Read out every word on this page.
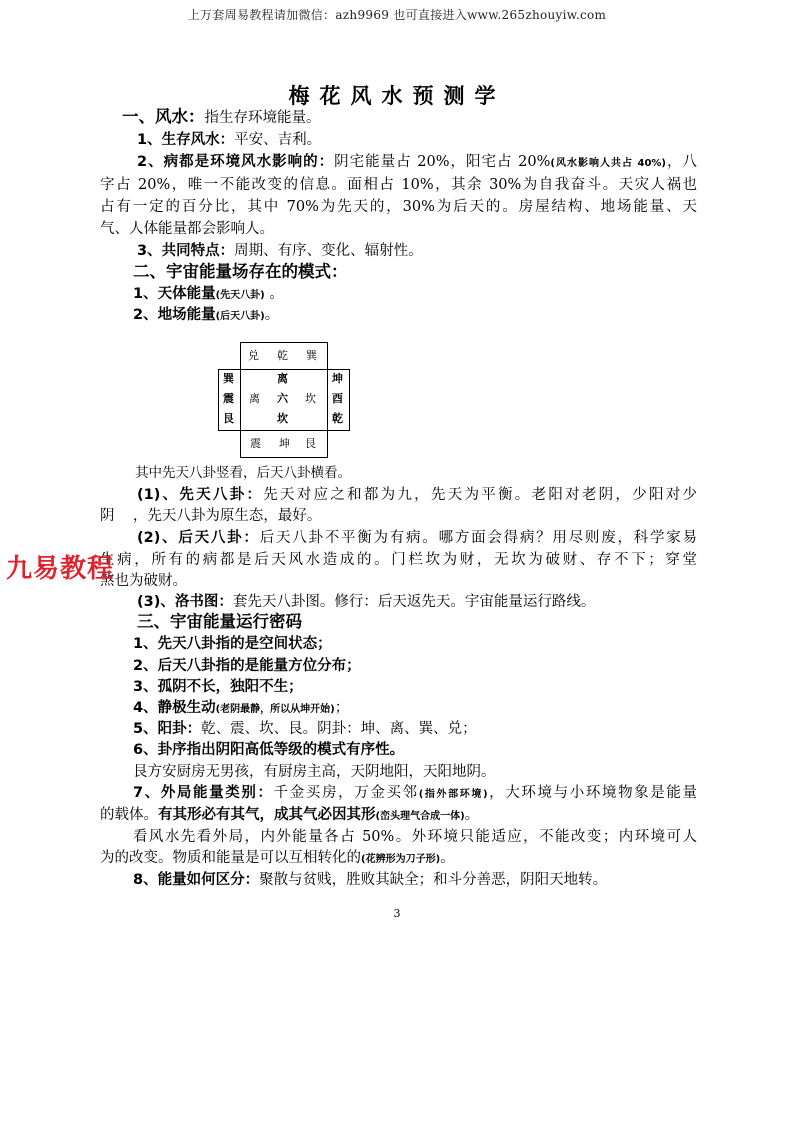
上万套周易教程请加微信：azh9969 也可直接进入www.265zhouyiw.com
梅花风水预测学
一、风水：指生存环境能量。
1、生存风水：平安、吉利。
2、病都是环境风水影响的：阴宅能量占 20%，阳宅占 20%(风水影响人共占 40%)，八
字占 20%，唯一不能改变的信息。面相占 10%，其余 30%为自我奋斗。天灾人祸也
占有一定的百分比，其中 70%为先天的，30%为后天的。房屋结构、地场能量、天
气、人体能量都会影响人。
3、共同特点：周期、有序、变化、辐射性。
二、宇宙能量场存在的模式：
1、天体能量(先天八卦) 。
2、地场能量(后天八卦)。
兑 乾 巽
巽
震
艮
离
离
六
坎
坎
坤
酉
乾
震 坤 艮
其中先天八卦竖看，后天八卦横看。
(1)、先天八卦：先天对应之和都为九，先天为平衡。老阳对老阴，少阳对少
阴    ，先天八卦为原生态，最好。
(2)、后天八卦：后天八卦不平衡为有病。哪方面会得病？用尽则废，科学家易
生病，所有的病都是后天风水造成的。门栏坎为财，无坎为破财、存不下；穿堂
煞也为破财。
(3)、洛书图：套先天八卦图。修行：后天返先天。宇宙能量运行路线。
三、宇宙能量运行密码
1、先天八卦指的是空间状态；
2、后天八卦指的是能量方位分布；
3、孤阴不长，独阳不生；
4、静极生动(老阴最静，所以从坤开始)；
5、阳卦：乾、震、坎、艮。阴卦：坤、离、巽、兑；
6、卦序指出阴阳高低等级的模式有序性。
艮方安厨房无男孩，有厨房主高，天阴地阳，天阳地阴。
7、外局能量类别：千金买房，万金买邻(指外部环境)，大环境与小环境物象是能量
的载体。有其形必有其气，成其气必因其形(峦头理气合成一体)。
看风水先看外局，内外能量各占 50%。外环境只能适应，不能改变；内环境可人
为的改变。物质和能量是可以互相转化的(花辨形为刀子形)。
8、能量如何区分：聚散与贫贱，胜败其缺全；和斗分善恶，阴阳天地转。
九易教程
3
